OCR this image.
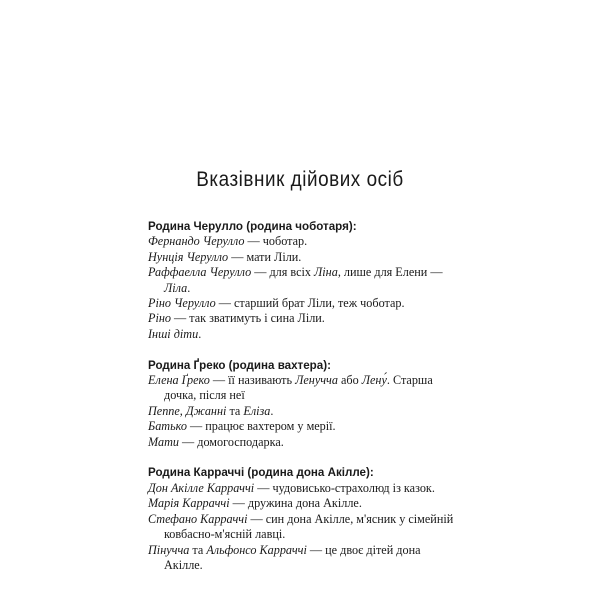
Вказівник дійових осіб
Родина Черулло (родина чоботаря):
Фернандо Черулло — чоботар.
Нунція Черулло — мати Ліли.
Раффаелла Черулло — для всіх Ліна, лише для Елени — Ліла.
Ріно Черулло — старший брат Ліли, теж чоботар.
Ріно — так зватимуть і сина Ліли.
Інші діти.
Родина Ґреко (родина вахтера):
Елена Ґреко — її називають Ленучча або Лену́. Старша дочка, після неї
Пеппе, Джанні та Еліза.
Батько — працює вахтером у мерії.
Мати — домогосподарка.
Родина Карраччі (родина дона Акілле):
Дон Акілле Карраччі — чудовисько-страхолюд із казок.
Марія Карраччі — дружина дона Акілле.
Стефано Карраччі — син дона Акілле, м'ясник у сімейній ковбасно-м'ясній лавці.
Пінучча та Альфонсо Карраччі — це двоє дітей дона Акілле.
